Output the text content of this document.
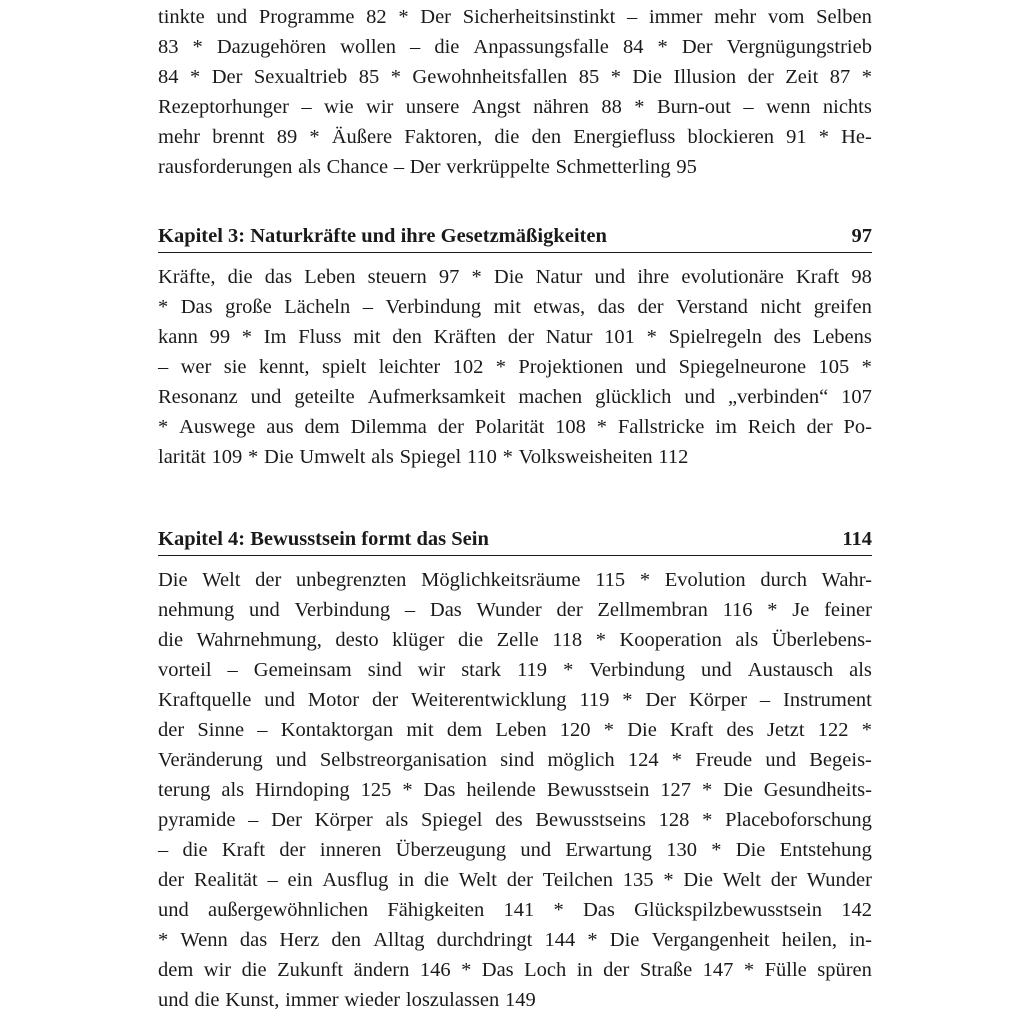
tinkte und Programme 82 * Der Sicherheitsinstinkt – immer mehr vom Selben
83 * Dazugehören wollen – die Anpassungsfalle 84 * Der Vergnügungstrieb
84 * Der Sexualtrieb 85 * Gewohnheitsfallen 85 * Die Illusion der Zeit 87 *
Rezeptorhunger – wie wir unsere Angst nähren 88 * Burn-out – wenn nichts
mehr brennt 89 * Äußere Faktoren, die den Energiefluss blockieren 91 * He-
rausforderungen als Chance – Der verkrüppelte Schmetterling 95
Kapitel 3: Naturkräfte und ihre Gesetzmäßigkeiten	97
Kräfte, die das Leben steuern 97 * Die Natur und ihre evolutionäre Kraft 98
* Das große Lächeln – Verbindung mit etwas, das der Verstand nicht greifen
kann 99 * Im Fluss mit den Kräften der Natur 101 * Spielregeln des Lebens
– wer sie kennt, spielt leichter 102 * Projektionen und Spiegelneurone 105 *
Resonanz und geteilte Aufmerksamkeit machen glücklich und „verbinden“ 107
* Auswege aus dem Dilemma der Polarität 108 * Fallstricke im Reich der Po-
larität 109 * Die Umwelt als Spiegel 110 * Volksweisheiten 112
Kapitel 4: Bewusstsein formt das Sein	114
Die Welt der unbegrenzten Möglichkeitsräume 115 * Evolution durch Wahr-
nehmung und Verbindung – Das Wunder der Zellmembran 116 * Je feiner
die Wahrnehmung, desto klüger die Zelle 118 * Kooperation als Überlebens-
vorteil – Gemeinsam sind wir stark 119 * Verbindung und Austausch als
Kraftquelle und Motor der Weiterentwicklung 119 * Der Körper – Instrument
der Sinne – Kontaktorgan mit dem Leben 120 * Die Kraft des Jetzt 122 *
Veränderung und Selbstreorganisation sind möglich 124 * Freude und Begeis-
terung als Hirndoping 125 * Das heilende Bewusstsein 127 * Die Gesundheits-
pyramide – Der Körper als Spiegel des Bewusstseins 128 * Placeboforschung
– die Kraft der inneren Überzeugung und Erwartung 130 * Die Entstehung
der Realität – ein Ausflug in die Welt der Teilchen 135 * Die Welt der Wunder
und außergewöhnlichen Fähigkeiten 141 * Das Glückspilzbewusstsein 142
* Wenn das Herz den Alltag durchdringt 144 * Die Vergangenheit heilen, in-
dem wir die Zukunft ändern 146 * Das Loch in der Straße 147 * Fülle spüren
und die Kunst, immer wieder loszulassen 149
